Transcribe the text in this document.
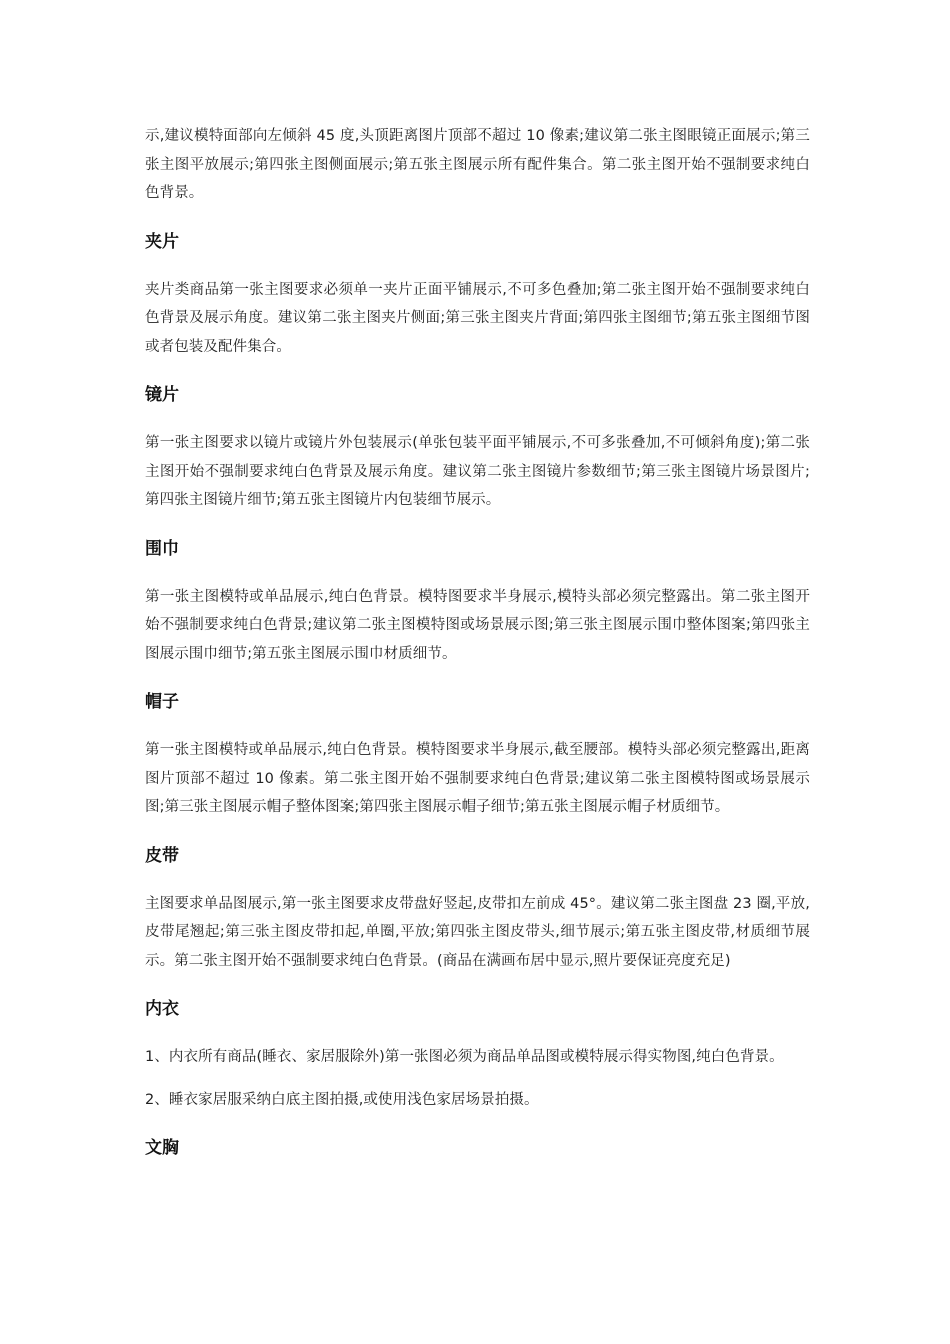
示,建议模特面部向左倾斜 45 度,头顶距离图片顶部不超过 10 像素;建议第二张主图眼镜正面展示;第三张主图平放展示;第四张主图侧面展示;第五张主图展示所有配件集合。第二张主图开始不强制要求纯白色背景。

夹片

夹片类商品第一张主图要求必须单一夹片正面平铺展示,不可多色叠加;第二张主图开始不强制要求纯白色背景及展示角度。建议第二张主图夹片侧面;第三张主图夹片背面;第四张主图细节;第五张主图细节图或者包装及配件集合。

镜片

第一张主图要求以镜片或镜片外包装展示(单张包装平面平铺展示,不可多张叠加,不可倾斜角度);第二张主图开始不强制要求纯白色背景及展示角度。建议第二张主图镜片参数细节;第三张主图镜片场景图片;第四张主图镜片细节;第五张主图镜片内包装细节展示。

围巾

第一张主图模特或单品展示,纯白色背景。模特图要求半身展示,模特头部必须完整露出。第二张主图开始不强制要求纯白色背景;建议第二张主图模特图或场景展示图;第三张主图展示围巾整体图案;第四张主图展示围巾细节;第五张主图展示围巾材质细节。

帽子

第一张主图模特或单品展示,纯白色背景。模特图要求半身展示,截至腰部。模特头部必须完整露出,距离图片顶部不超过 10 像素。第二张主图开始不强制要求纯白色背景;建议第二张主图模特图或场景展示图;第三张主图展示帽子整体图案;第四张主图展示帽子细节;第五张主图展示帽子材质细节。

皮带

主图要求单品图展示,第一张主图要求皮带盘好竖起,皮带扣左前成 45°。建议第二张主图盘 23 圈,平放,皮带尾翘起;第三张主图皮带扣起,单圈,平放;第四张主图皮带头,细节展示;第五张主图皮带,材质细节展示。第二张主图开始不强制要求纯白色背景。(商品在满画布居中显示,照片要保证亮度充足)

内衣

1、内衣所有商品(睡衣、家居服除外)第一张图必须为商品单品图或模特展示得实物图,纯白色背景。

2、睡衣家居服采纳白底主图拍摄,或使用浅色家居场景拍摄。

文胸
